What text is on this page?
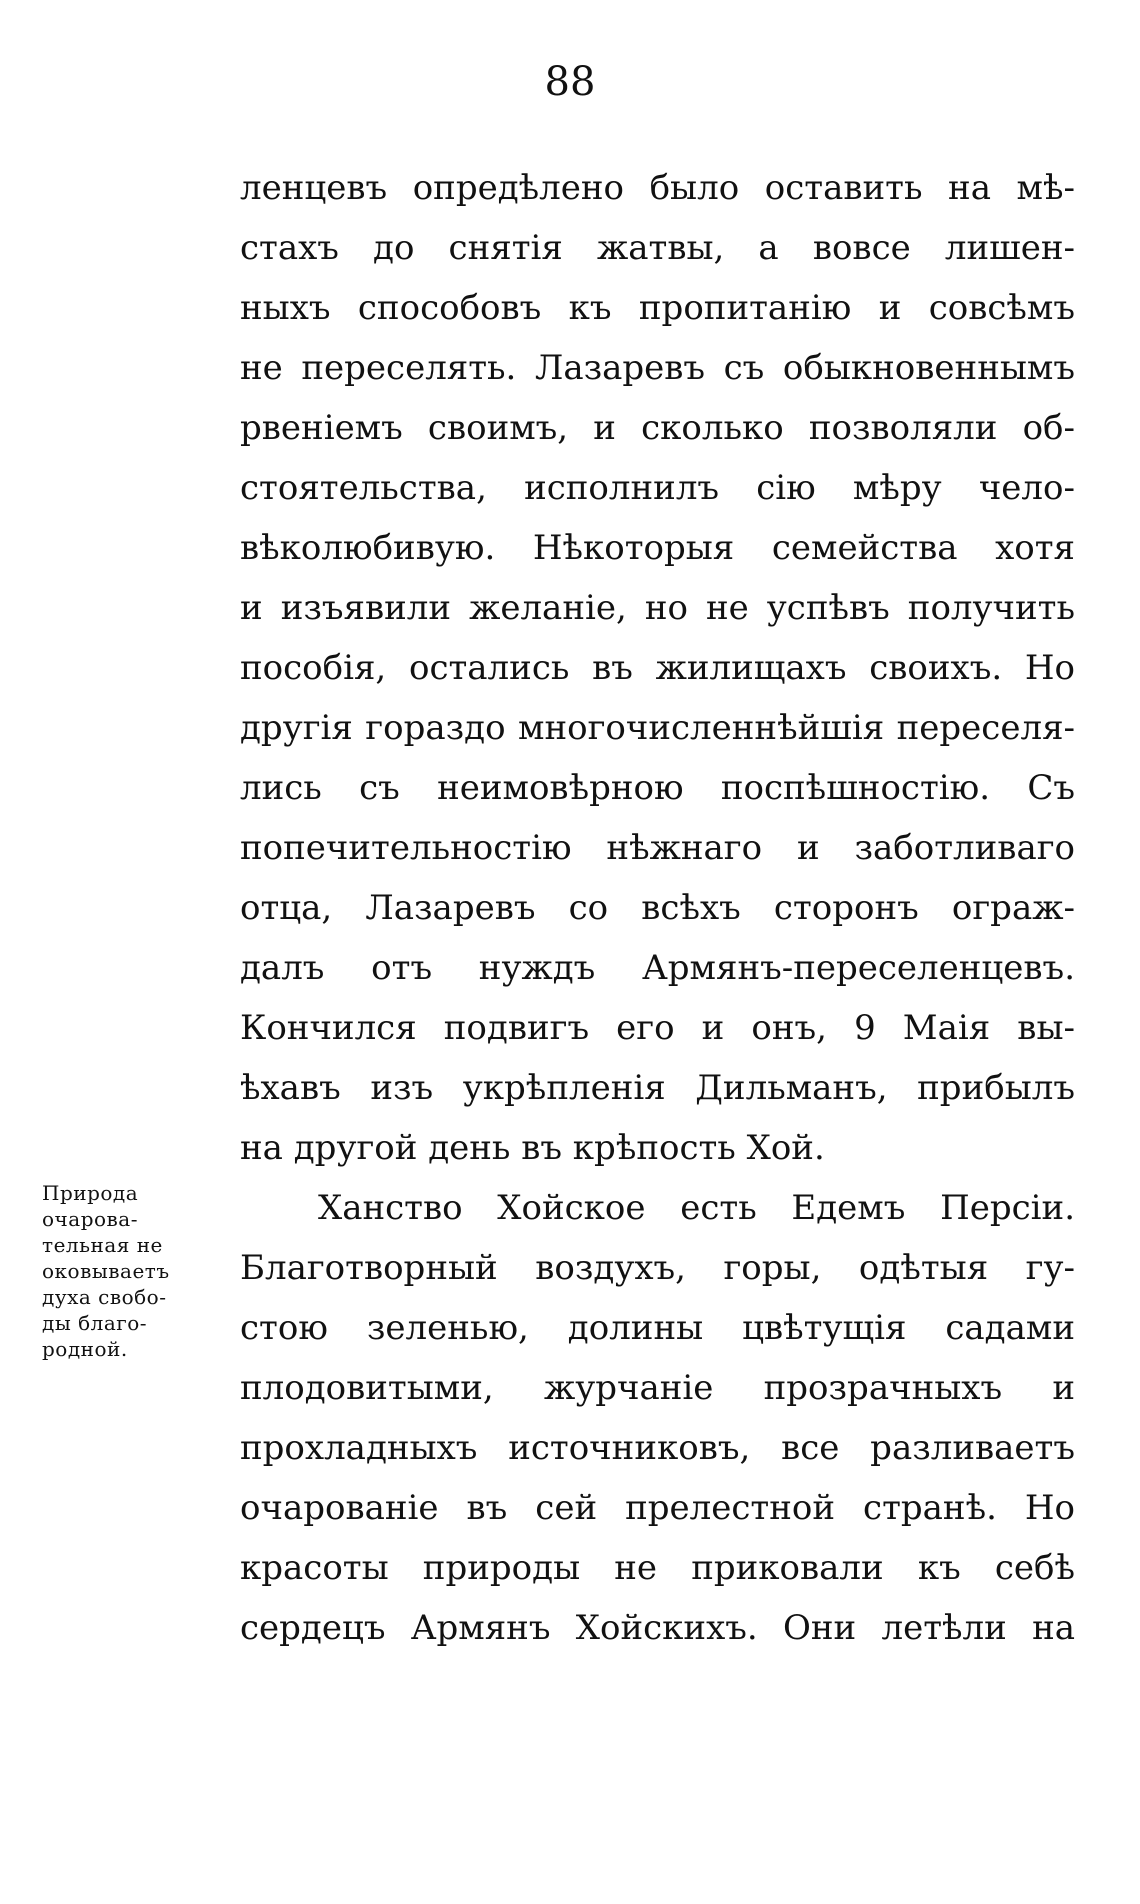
88
ленцевъ опредѣлено было оставить на мѣ-
стахъ до снятія жатвы, а вовсе лишен-
ныхъ способовъ къ пропитанію и совсѣмъ
не переселять. Лазаревъ съ обыкновеннымъ
рвеніемъ своимъ, и сколько позволяли об-
стоятельства, исполнилъ сію мѣру чело-
вѣколюбивую. Нѣкоторыя семейства хотя
и изъявили желаніе, но не успѣвъ получить
пособія, остались въ жилищахъ своихъ. Но
другія гораздо многочисленнѣйшія переселя-
лись съ неимовѣрною поспѣшностію. Съ
попечительностію нѣжнаго и заботливаго
отца, Лазаревъ со всѣхъ сторонъ ограж-
далъ отъ нуждъ Армянъ-переселенцевъ.
Кончился подвигъ его и онъ, 9 Маія вы-
ѣхавъ изъ укрѣпленія Дильманъ, прибылъ
на другой день въ крѣпость Хой.
Ханство Хойское есть Едемъ Персіи.
Благотворный воздухъ, горы, одѣтыя гу-
стою зеленью, долины цвѣтущія садами
плодовитыми, журчаніе прозрачныхъ и
прохладныхъ источниковъ, все разливаетъ
очарованіе въ сей прелестной странѣ. Но
красоты природы не приковали къ себѣ
сердецъ Армянъ Хойскихъ. Они летѣли на
Природа
очарова-
тельная не
оковываетъ
духа свобо-
ды благо-
родной.
